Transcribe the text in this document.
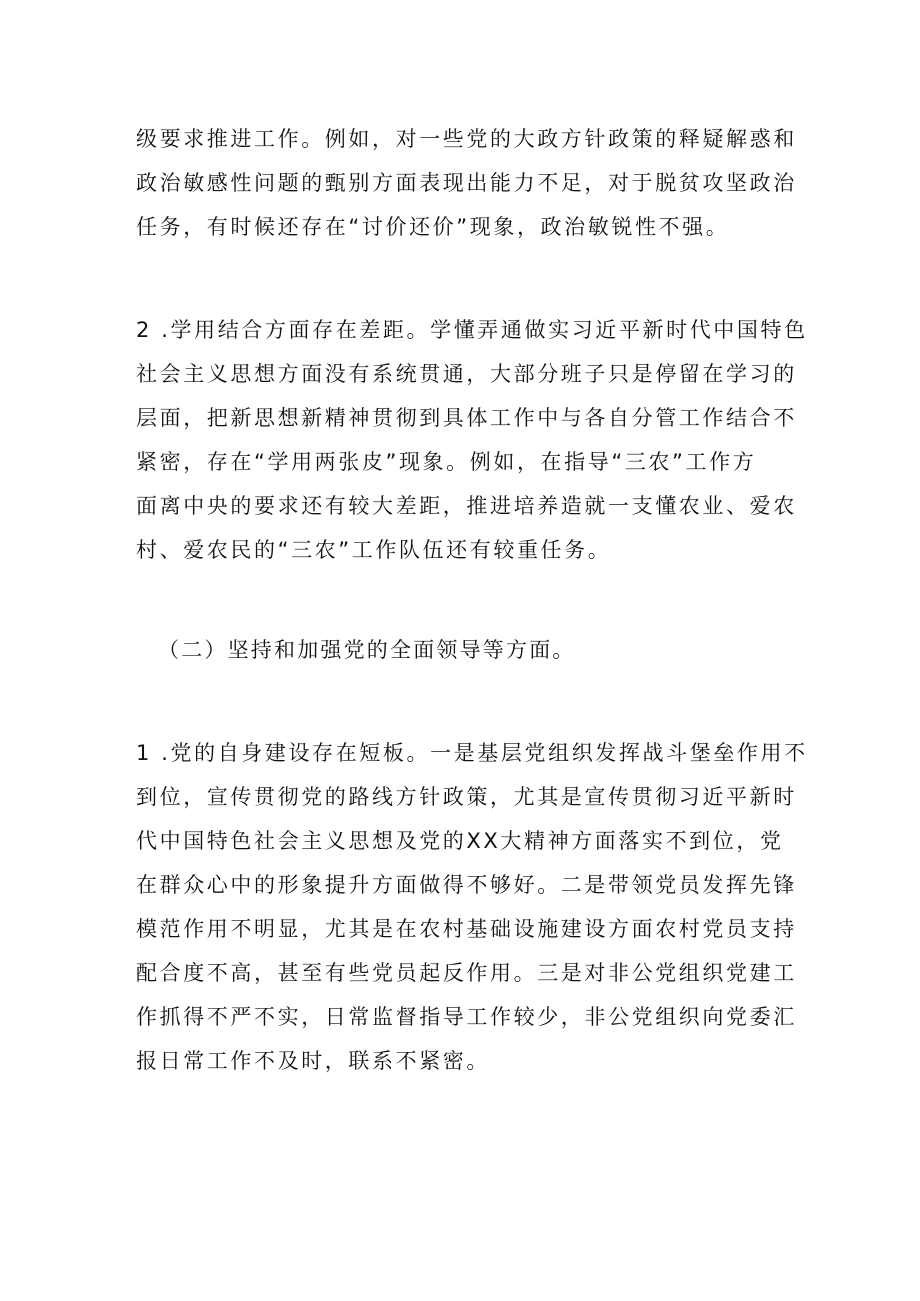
级要求推进工作。例如，对一些党的大政方针政策的释疑解惑和
政治敏感性问题的甄别方面表现出能力不足，对于脱贫攻坚政治
任务，有时候还存在“讨价还价”现象，政治敏锐性不强。
2 .学用结合方面存在差距。学懂弄通做实习近平新时代中国特色
社会主义思想方面没有系统贯通，大部分班子只是停留在学习的
层面，把新思想新精神贯彻到具体工作中与各自分管工作结合不
紧密，存在“学用两张皮”现象。例如，在指导“三农”工作方
面离中央的要求还有较大差距，推进培养造就一支懂农业、爱农
村、爱农民的“三农”工作队伍还有较重任务。
（二）坚持和加强党的全面领导等方面。
1 .党的自身建设存在短板。一是基层党组织发挥战斗堡垒作用不
到位，宣传贯彻党的路线方针政策，尤其是宣传贯彻习近平新时
代中国特色社会主义思想及党的XX大精神方面落实不到位，党
在群众心中的形象提升方面做得不够好。二是带领党员发挥先锋
模范作用不明显，尤其是在农村基础设施建设方面农村党员支持
配合度不高，甚至有些党员起反作用。三是对非公党组织党建工
作抓得不严不实，日常监督指导工作较少，非公党组织向党委汇
报日常工作不及时，联系不紧密。
